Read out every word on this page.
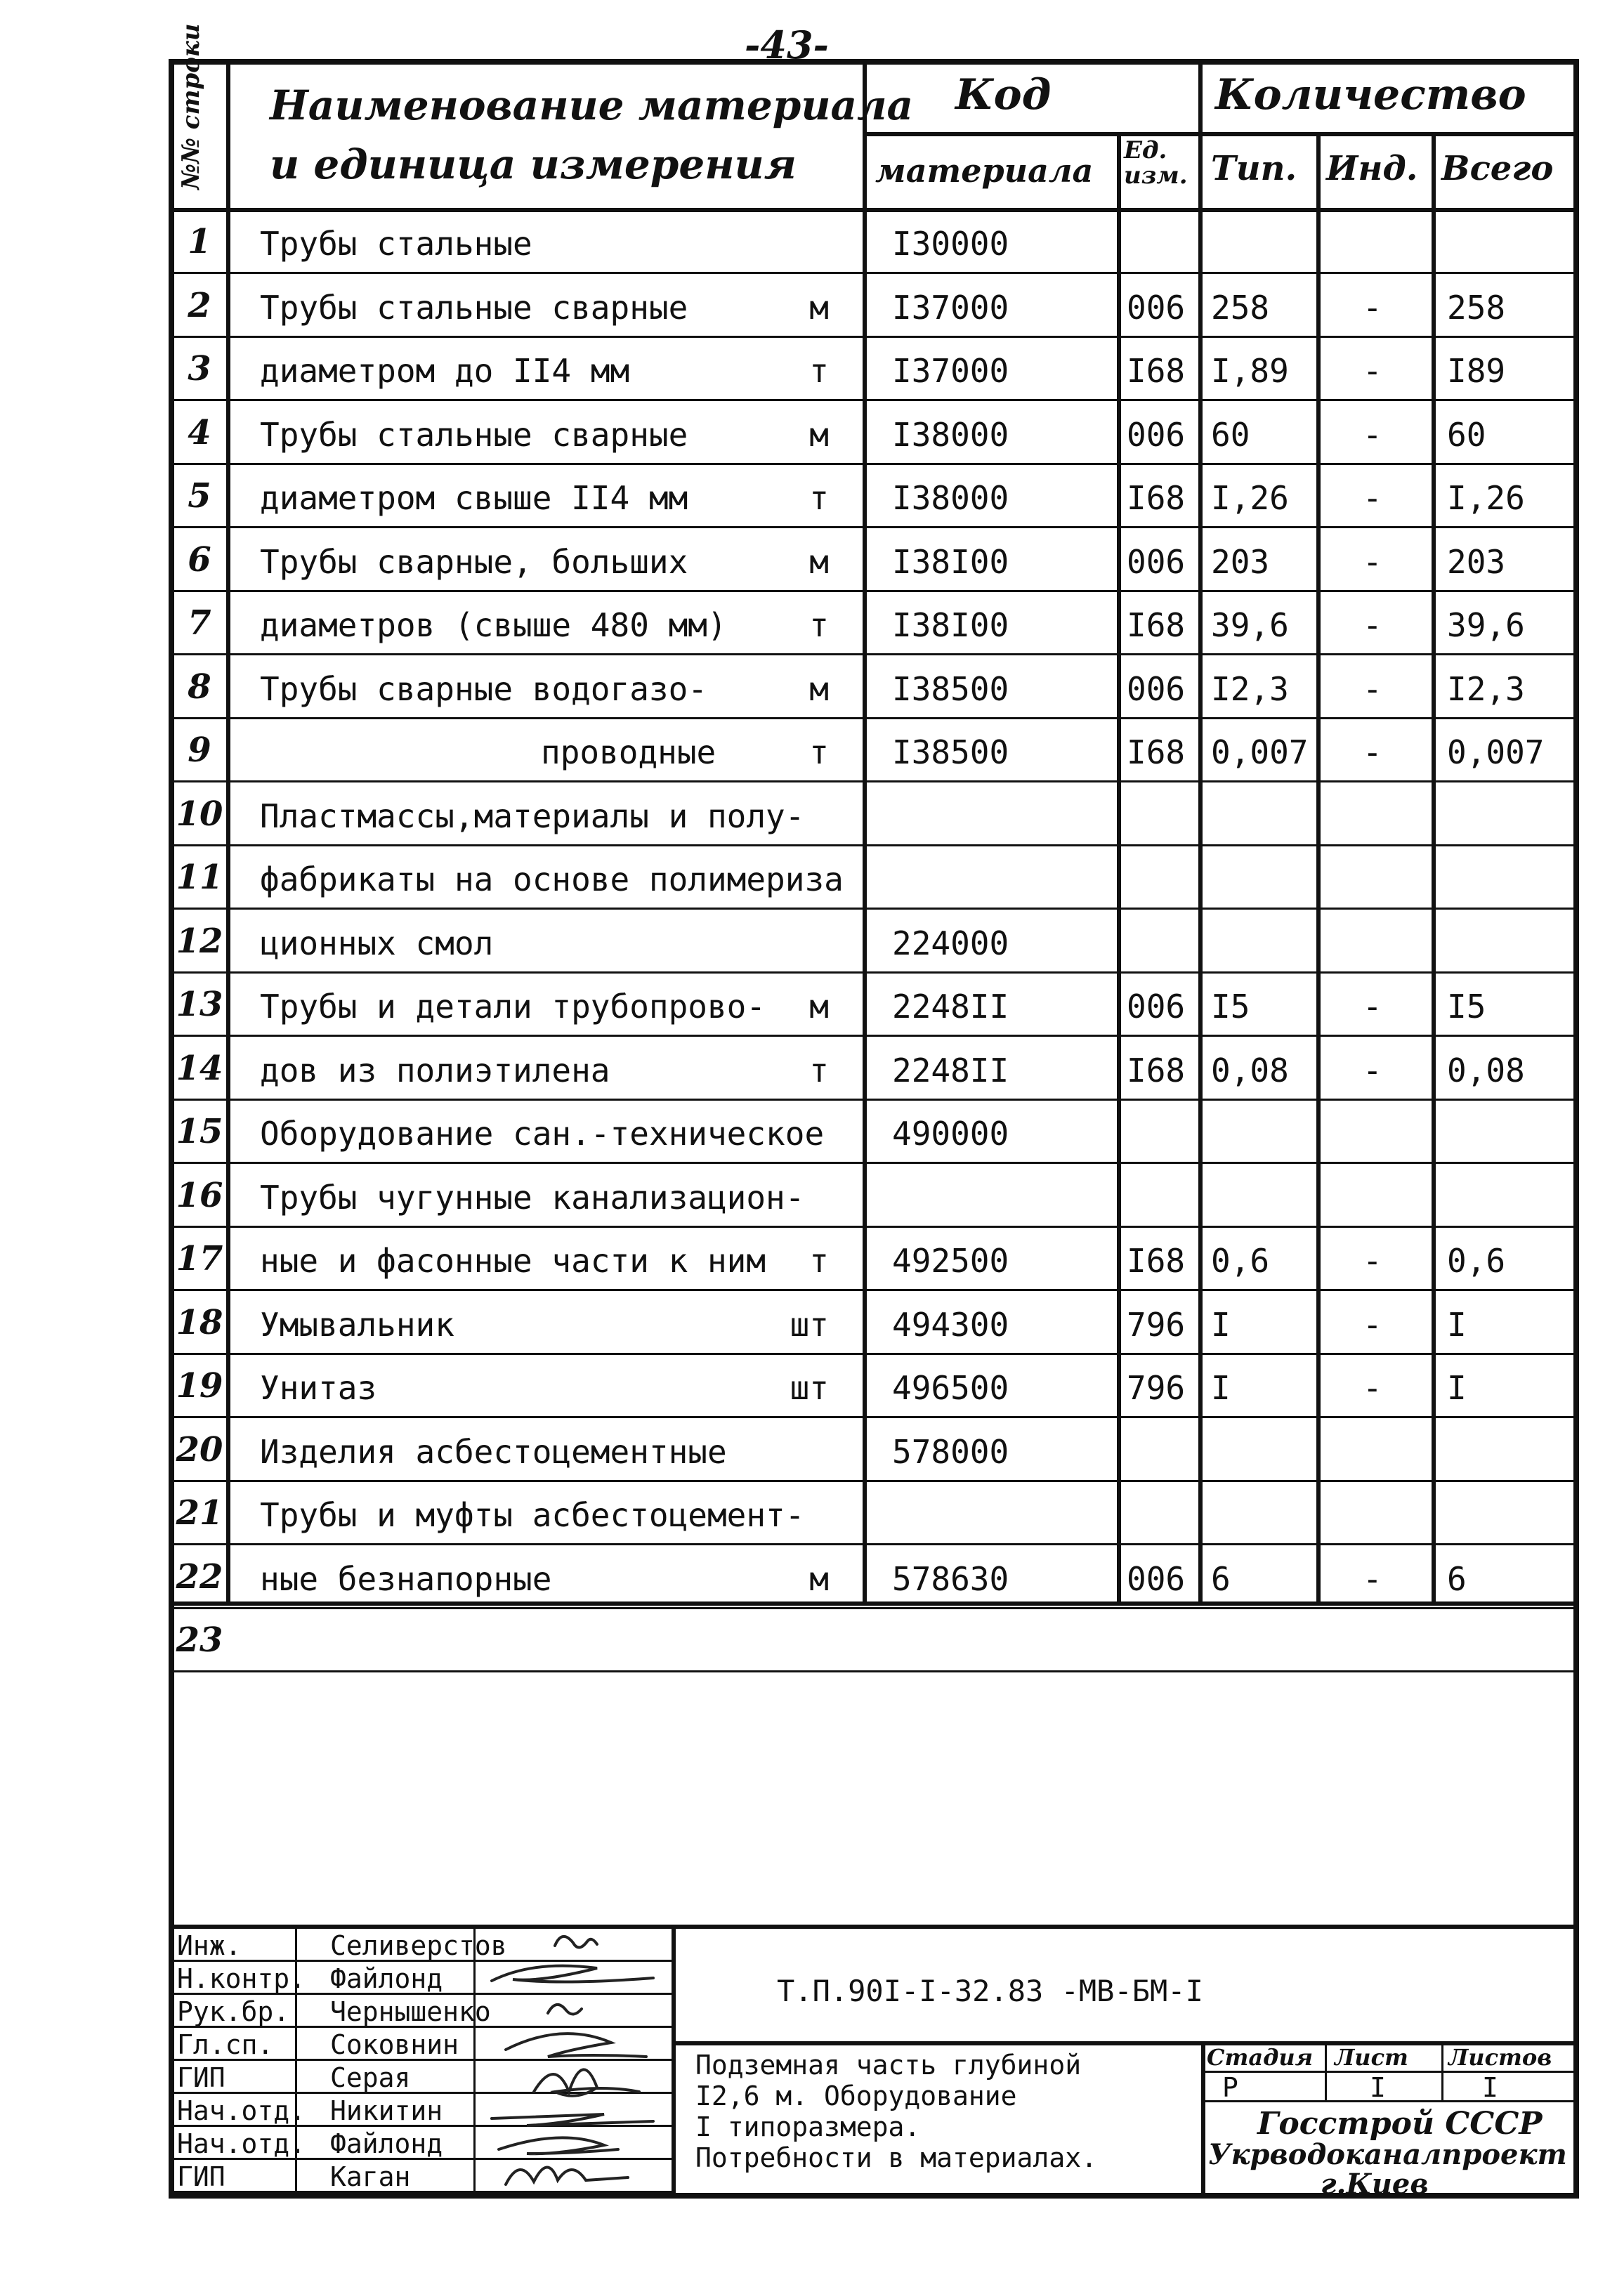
-43-
№№ строки Наименование материала
и единица измерения
Код
материала
Ед. изм.
Количество
Тип. Инд. Всего
1	Трубы стальные	I30000
2	Трубы стальные сварные	м I37000	006 258	- 258
3	диаметром до II4 мм	т I37000	I68 I,89 - I89
4	Трубы стальные сварные	м I38000	006 60	- 60
5	диаметром свыше II4 мм	т I38000	I68 I,26 - I,26
6	Трубы сварные, больших	м I38I00	006 203	- 203
7	диаметров (свыше 480 мм)	т I38I00	I68 39,6 - 39,6
8	Трубы сварные водогазо-	м I38500	006 I2,3 - I2,3
9	проводные	т I38500	I68 0,007 - 0,007
10 Пластмассы,материалы и полу-
11 фабрикаты на основе полимериза
12 ционных смол	224000
13 Трубы и детали трубопрово-	м 2248II	006 I5	- I5
14 дов из полиэтилена	т 2248II	I68 0,08 - 0,08
15 Оборудование сан.-техническое 490000
16 Трубы чугунные канализацион-
17 ные и фасонные части к ним	т 492500	I68 0,6	- 0,6
18 Умывальник	шт 494300	796 I	- I
19 Унитаз	шт 496500	796 I	- I
20 Изделия асбестоцементные	578000
21 Трубы и муфты асбестоцемент-
22 ные безнапорные	м 578630	006 6	- 6
23
Инж.	Селиверстов
Н.контр. Файлонд
Рук.бр. Чернышенко
Гл.сп. Соковнин
ГИП	Серая
Нач.отд. Никитин
Нач.отд. Файлонд
ГИП	Каган
Т.П.90I-I-32.83 -МВ-БМ-I
Подземная часть глубиной
I2,6 м. Оборудование
I типоразмера.
Потребности в материалах.
Стадия Лист Листов
Р	I	I
Госстрой СССР
Укрводоканалпроект
г.Киев
